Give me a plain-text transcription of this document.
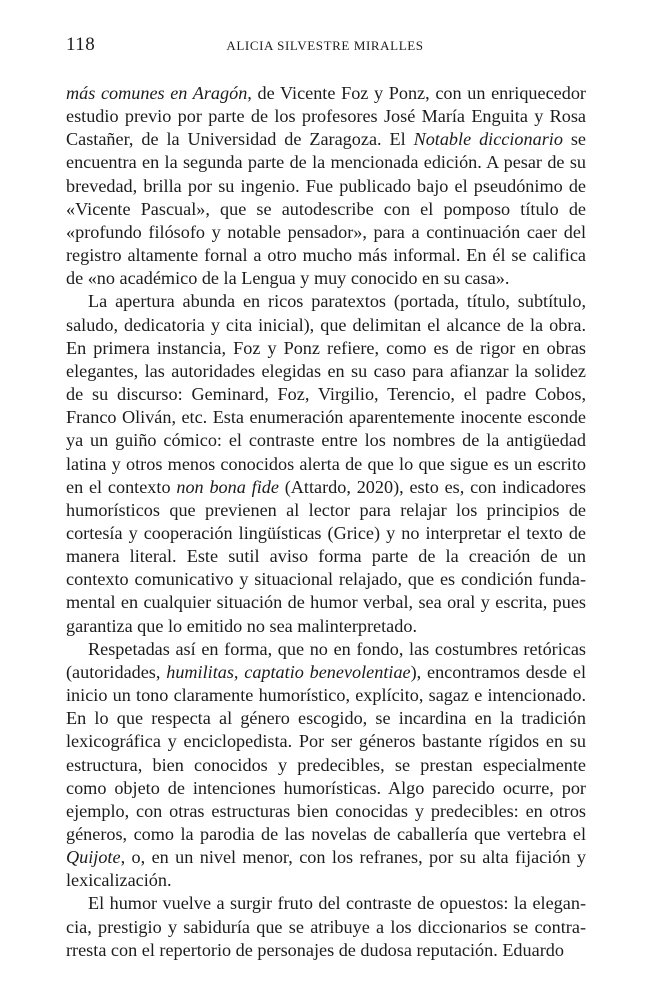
118	ALICIA SILVESTRE MIRALLES

más comunes en Aragón, de Vicente Foz y Ponz, con un enriquecedor estudio previo por parte de los profesores José María Enguita y Rosa Castañer, de la Universidad de Zaragoza. El Notable diccionario se encuentra en la segunda parte de la mencionada edición. A pesar de su brevedad, brilla por su ingenio. Fue publicado bajo el pseudónimo de «Vicente Pascual», que se autodescribe con el pomposo título de «profundo filósofo y notable pensador», para a continuación caer del registro altamente fornal a otro mucho más informal. En él se califica de «no académico de la Lengua y muy conocido en su casa».

La apertura abunda en ricos paratextos (portada, título, subtítulo, saludo, dedicatoria y cita inicial), que delimitan el alcance de la obra. En primera instancia, Foz y Ponz refiere, como es de rigor en obras elegantes, las autoridades elegidas en su caso para afianzar la solidez de su discurso: Geminard, Foz, Virgilio, Terencio, el padre Cobos, Franco Oliván, etc. Esta enumeración aparentemente inocente esconde ya un guiño cómico: el contraste entre los nombres de la antigüedad latina y otros menos conocidos alerta de que lo que sigue es un escrito en el contexto non bona fide (Attardo, 2020), esto es, con indicadores humorísticos que previenen al lector para relajar los principios de cortesía y cooperación lingüísticas (Grice) y no interpretar el texto de manera literal. Este sutil aviso forma parte de la creación de un contexto comunicativo y situacional relajado, que es condición fundamental en cualquier situación de humor verbal, sea oral y escrita, pues garantiza que lo emitido no sea malinterpretado.

Respetadas así en forma, que no en fondo, las costumbres retóricas (autoridades, humilitas, captatio benevolentiae), encontramos desde el inicio un tono claramente humorístico, explícito, sagaz e intencionado. En lo que respecta al género escogido, se incardina en la tradición lexicográfica y enciclopedista. Por ser géneros bastante rígidos en su estructura, bien conocidos y predecibles, se prestan especialmente como objeto de intenciones humorísticas. Algo parecido ocurre, por ejemplo, con otras estructuras bien conocidas y predecibles: en otros géneros, como la parodia de las novelas de caballería que vertebra el Quijote, o, en un nivel menor, con los refranes, por su alta fijación y lexicalización.

El humor vuelve a surgir fruto del contraste de opuestos: la elegancia, prestigio y sabiduría que se atribuye a los diccionarios se contrarresta con el repertorio de personajes de dudosa reputación. Eduardo
